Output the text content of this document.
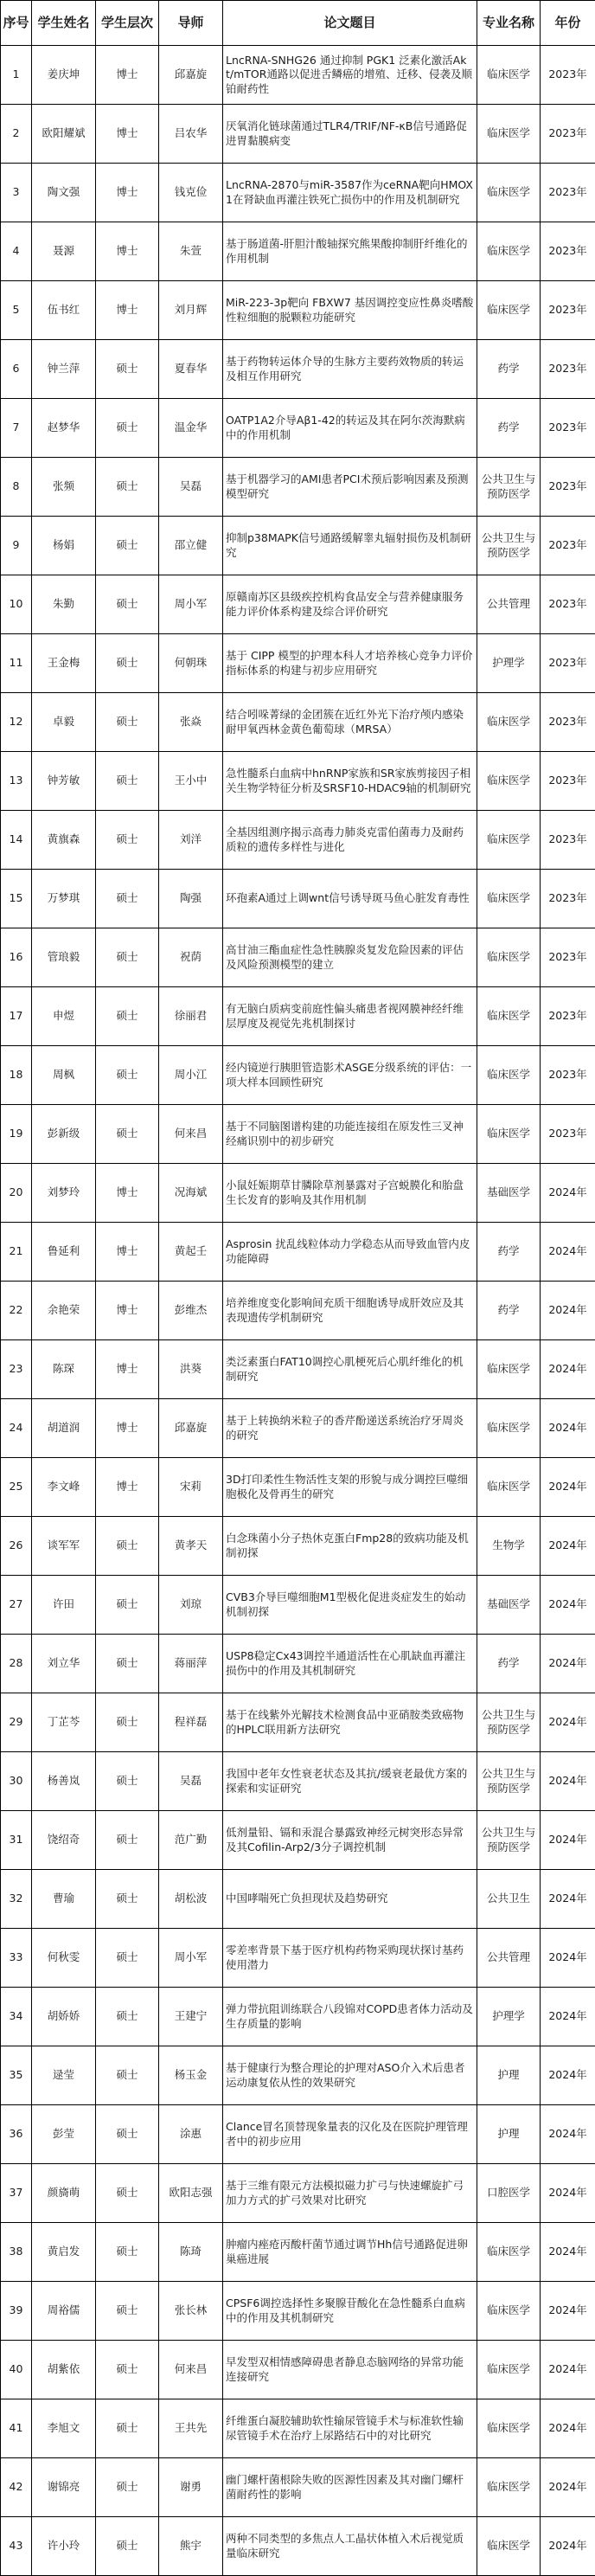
序号	学生姓名	学生层次	导师	论文题目	专业名称	年份
1	姜庆坤	博士	邱嘉旋	LncRNA-SNHG26 通过抑制 PGK1 泛素化激活Akt/mTOR通路以促进舌鳞癌的增殖、迁移、侵袭及顺铂耐药性	临床医学	2023年
2	欧阳耀斌	博士	吕农华	厌氧消化链球菌通过TLR4/TRIF/NF-κB信号通路促进胃黏膜病变	临床医学	2023年
3	陶文强	博士	钱克俭	LncRNA-2870与miR-3587作为ceRNA靶向HMOX1在肾缺血再灌注铁死亡损伤中的作用及机制研究	临床医学	2023年
4	聂源	博士	朱萱	基于肠道菌-肝胆汁酸轴探究熊果酸抑制肝纤维化的作用机制	临床医学	2023年
5	伍书红	博士	刘月辉	MiR-223-3p靶向 FBXW7 基因调控变应性鼻炎嗜酸性粒细胞的脱颗粒功能研究	临床医学	2023年
6	钟兰萍	硕士	夏春华	基于药物转运体介导的生脉方主要药效物质的转运及相互作用研究	药学	2023年
7	赵梦华	硕士	温金华	OATP1A2介导Aβ1-42的转运及其在阿尔茨海默病中的作用机制	药学	2023年
8	张频	硕士	吴磊	基于机器学习的AMI患者PCI术预后影响因素及预测模型研究	公共卫生与预防医学	2023年
9	杨娟	硕士	邵立健	抑制p38MAPK信号通路缓解睾丸辐射损伤及机制研究	公共卫生与预防医学	2023年
10	朱勤	硕士	周小军	原赣南苏区县级疾控机构食品安全与营养健康服务能力评价体系构建及综合评价研究	公共管理	2023年
11	王金梅	硕士	何朝珠	基于 CIPP 模型的护理本科人才培养核心竞争力评价指标体系的构建与初步应用研究	护理学	2023年
12	卓毅	硕士	张焱	结合吲哚菁绿的金团簇在近红外光下治疗颅内感染耐甲氧西林金黄色葡萄球（MRSA）	临床医学	2023年
13	钟芳敏	硕士	王小中	急性髓系白血病中hnRNP家族和SR家族剪接因子相关生物学特征分析及SRSF10-HDAC9轴的机制研究	临床医学	2023年
14	黄旗森	硕士	刘洋	全基因组测序揭示高毒力肺炎克雷伯菌毒力及耐药质粒的遗传多样性与进化	临床医学	2023年
15	万梦琪	硕士	陶强	环孢素A通过上调wnt信号诱导斑马鱼心脏发育毒性	临床医学	2023年
16	管琅毅	硕士	祝荫	高甘油三酯血症性急性胰腺炎复发危险因素的评估及风险预测模型的建立	临床医学	2023年
17	申煜	硕士	徐丽君	有无脑白质病变前庭性偏头痛患者视网膜神经纤维层厚度及视觉先兆机制探讨	临床医学	2023年
18	周枫	硕士	周小江	经内镜逆行胰胆管造影术ASGE分级系统的评估：一项大样本回顾性研究	临床医学	2023年
19	彭新级	硕士	何来昌	基于不同脑图谱构建的功能连接组在原发性三叉神经痛识别中的初步研究	临床医学	2023年
20	刘梦玲	博士	况海斌	小鼠妊娠期草甘膦除草剂暴露对子宫蜕膜化和胎盘生长发育的影响及其作用机制	基础医学	2024年
21	鲁延利	博士	黄起壬	Asprosin 扰乱线粒体动力学稳态从而导致血管内皮功能障碍	药学	2024年
22	余艳荣	博士	彭维杰	培养维度变化影响间充质干细胞诱导成肝效应及其表现遗传学机制研究	药学	2024年
23	陈琛	博士	洪葵	类泛素蛋白FAT10调控心肌梗死后心肌纤维化的机制研究	临床医学	2024年
24	胡道润	博士	邱嘉旋	基于上转换纳米粒子的香芹酚递送系统治疗牙周炎的研究	临床医学	2024年
25	李文峰	博士	宋莉	3D打印柔性生物活性支架的形貌与成分调控巨噬细胞极化及骨再生的研究	临床医学	2024年
26	谈军军	硕士	黄孝天	白念珠菌小分子热休克蛋白Fmp28的致病功能及机制初探	生物学	2024年
27	许田	硕士	刘琼	CVB3介导巨噬细胞M1型极化促进炎症发生的始动机制初探	基础医学	2024年
28	刘立华	硕士	蒋丽萍	USP8稳定Cx43调控半通道活性在心肌缺血再灌注损伤中的作用及其机制研究	药学	2024年
29	丁芷芩	硕士	程祥磊	基于在线紫外光解技术检测食品中亚硝胺类致癌物的HPLC联用新方法研究	公共卫生与预防医学	2024年
30	杨善岚	硕士	吴磊	我国中老年女性衰老状态及其抗/缓衰老最优方案的探索和实证研究	公共卫生与预防医学	2024年
31	饶绍奇	硕士	范广勤	低剂量铅、镉和汞混合暴露致神经元树突形态异常及其Cofilin-Arp2/3分子调控机制	公共卫生与预防医学	2024年
32	曹瑜	硕士	胡松波	中国哮喘死亡负担现状及趋势研究	公共卫生	2024年
33	何秋雯	硕士	周小军	零差率背景下基于医疗机构药物采购现状探讨基药使用潜力	公共管理	2024年
34	胡娇娇	硕士	王建宁	弹力带抗阻训练联合八段锦对COPD患者体力活动及生存质量的影响	护理学	2024年
35	逯莹	硕士	杨玉金	基于健康行为整合理论的护理对ASO介入术后患者运动康复依从性的效果研究	护理	2024年
36	彭莹	硕士	涂惠	Clance冒名顶替现象量表的汉化及在医院护理管理者中的初步应用	护理	2024年
37	颜旖萌	硕士	欧阳志强	基于三维有限元方法模拟磁力扩弓与快速螺旋扩弓加力方式的扩弓效果对比研究	口腔医学	2024年
38	黄启发	硕士	陈琦	肿瘤内痤疮丙酸杆菌节通过调节Hh信号通路促进卵巢癌进展	临床医学	2024年
39	周裕儒	硕士	张长林	CPSF6调控选择性多聚腺苷酸化在急性髓系白血病中的作用及其机制研究	临床医学	2024年
40	胡紫依	硕士	何来昌	早发型双相情感障碍患者静息态脑网络的异常功能连接研究	临床医学	2024年
41	李旭文	硕士	王共先	纤维蛋白凝胶辅助软性输尿管镜手术与标准软性输尿管镜手术在治疗上尿路结石中的对比研究	临床医学	2024年
42	谢锦亮	硕士	谢勇	幽门螺杆菌根除失败的医源性因素及其对幽门螺杆菌耐药性的影响	临床医学	2024年
43	许小玲	硕士	熊宇	两种不同类型的多焦点人工晶状体植入术后视觉质量临床研究	临床医学	2024年
